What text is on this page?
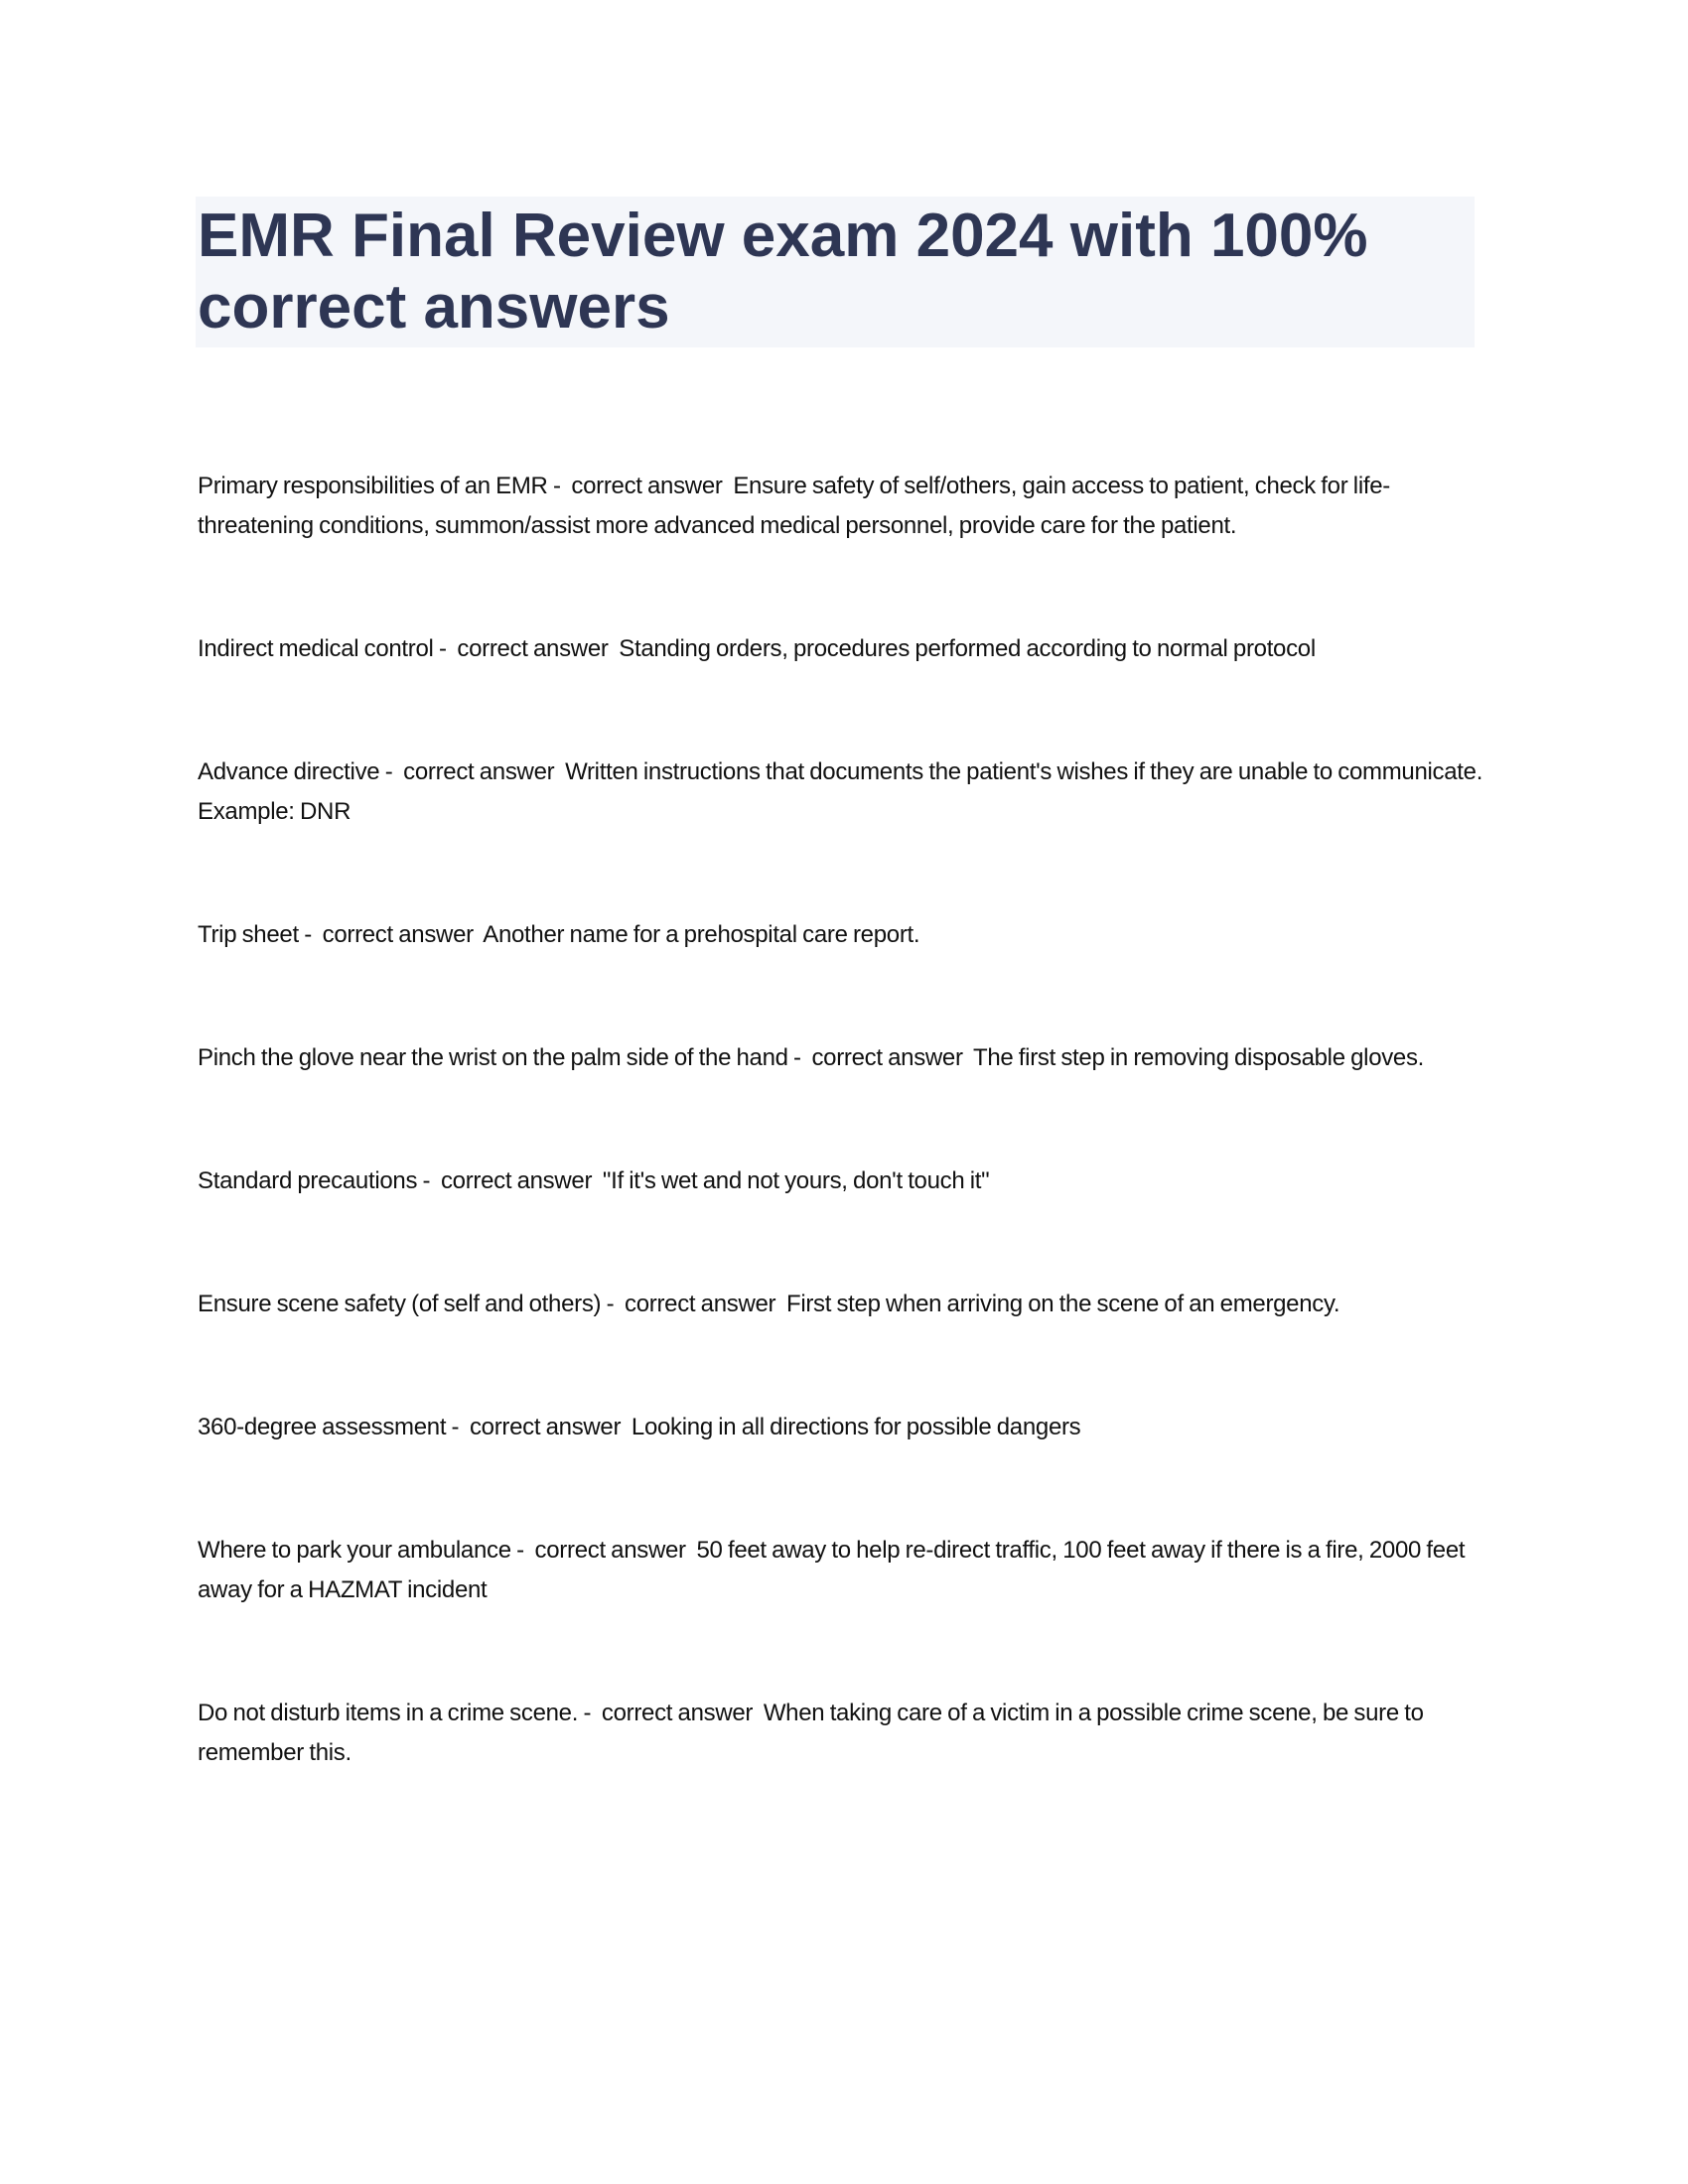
EMR Final Review exam 2024 with 100% correct answers

Primary responsibilities of an EMR -  correct answer  Ensure safety of self/others, gain access to patient, check for life-threatening conditions, summon/assist more advanced medical personnel, provide care for the patient.

Indirect medical control -  correct answer  Standing orders, procedures performed according to normal protocol

Advance directive -  correct answer  Written instructions that documents the patient's wishes if they are unable to communicate. Example: DNR

Trip sheet -  correct answer  Another name for a prehospital care report.

Pinch the glove near the wrist on the palm side of the hand -  correct answer  The first step in removing disposable gloves.

Standard precautions -  correct answer  "If it's wet and not yours, don't touch it"

Ensure scene safety (of self and others) -  correct answer  First step when arriving on the scene of an emergency.

360-degree assessment -  correct answer  Looking in all directions for possible dangers

Where to park your ambulance -  correct answer  50 feet away to help re-direct traffic, 100 feet away if there is a fire, 2000 feet away for a HAZMAT incident

Do not disturb items in a crime scene. -  correct answer  When taking care of a victim in a possible crime scene, be sure to remember this.
